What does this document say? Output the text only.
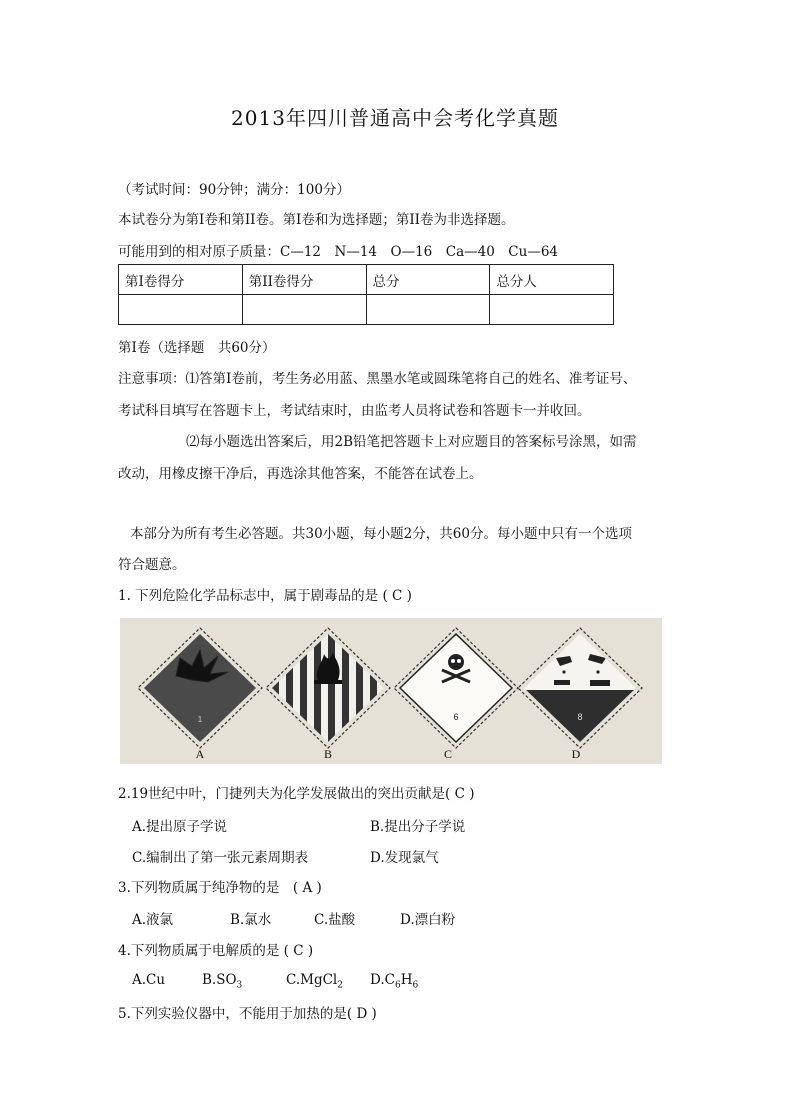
2013年四川普通高中会考化学真题
（考试时间：90分钟；满分：100分）
本试卷分为第I卷和第II卷。第I卷和为选择题；第II卷为非选择题。
可能用到的相对原子质量：C—12　N—14　O—16　Ca—40　Cu—64
第I卷得分	第II卷得分	总分	总分人

第I卷（选择题　共60分）
注意事项：⑴答第I卷前，考生务必用蓝、黑墨水笔或圆珠笔将自己的姓名、准考证号、
考试科目填写在答题卡上，考试结束时，由监考人员将试卷和答题卡一并收回。
⑵每小题选出答案后，用2B铅笔把答题卡上对应题目的答案标号涂黑，如需
改动，用橡皮擦干净后，再选涂其他答案，不能答在试卷上。
本部分为所有考生必答题。共30小题，每小题2分，共60分。每小题中只有一个选项
符合题意。
1. 下列危险化学品标志中，属于剧毒品的是 ( C )
1	6	8
A	B	C	D
4
2.19世纪中叶，门捷列夫为化学发展做出的突出贡献是( C )
A.提出原子学说	B.提出分子学说
C.编制出了第一张元素周期表	D.发现氯气
3.下列物质属于纯净物的是　( A )
A.液氯	B.氯水	C.盐酸	D.漂白粉
4.下列物质属于电解质的是 ( C )
A.Cu	$B.SO_3$	C.MgCl$_2$ $D.C_6H_6$
5.下列实验仪器中，不能用于加热的是( D )
